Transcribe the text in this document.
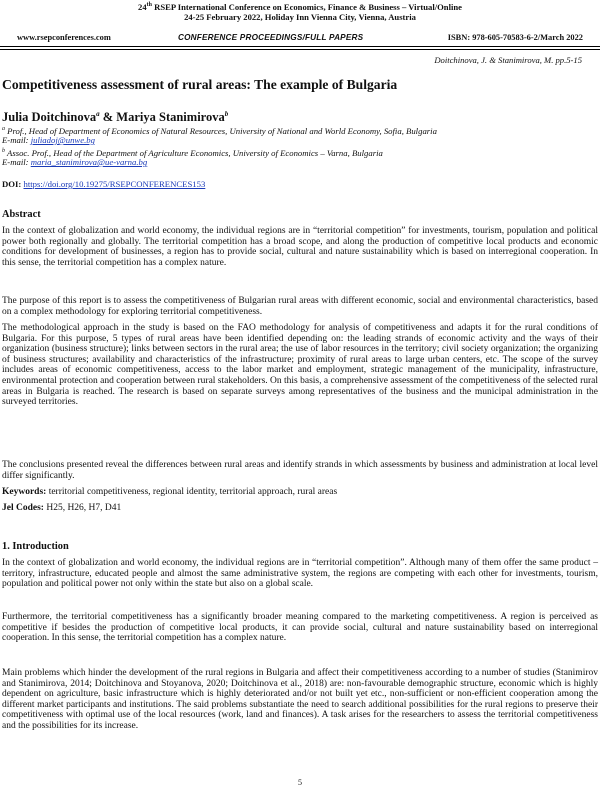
24th RSEP International Conference on Economics, Finance & Business – Virtual/Online
24-25 February 2022, Holiday Inn Vienna City, Vienna, Austria
www.rsepconferences.com	CONFERENCE PROCEEDINGS/FULL PAPERS	ISBN: 978-605-70583-6-2/March 2022
Doitchinova, J. & Stanimirova, M. pp.5-15
Competitiveness assessment of rural areas: The example of Bulgaria

Julia Doitchinova$^a$ & Mariya Stanimirova$^b$

$^a$ Prof., Head of Department of Economics of Natural Resources, University of National and World Economy, Sofia, Bulgaria
E-mail: juliadoj@unwe.bg
$^b$ Assoc. Prof., Head of the Department of Agriculture Economics, University of Economics – Varna, Bulgaria
E-mail: maria_stanimirova@ue-varna.bg
DOI: https://doi.org/10.19275/RSEPCONFERENCES153
Abstract

In the context of globalization and world economy, the individual regions are in “territorial competition” for investments, tourism, population and political power both regionally and globally. The territorial competition has a broad scope, and along the production of competitive local products and economic conditions for development of businesses, a region has to provide social, cultural and nature sustainability which is based on interregional cooperation. In this sense, the territorial competition has a complex nature.

The purpose of this report is to assess the competitiveness of Bulgarian rural areas with different economic, social and environmental characteristics, based on a complex methodology for exploring territorial competitiveness.

The methodological approach in the study is based on the FAO methodology for analysis of competitiveness and adapts it for the rural conditions of Bulgaria. For this purpose, 5 types of rural areas have been identified depending on: the leading strands of economic activity and the ways of their organization (business structure); links between sectors in the rural area; the use of labor resources in the territory; civil society organization; the organizing of business structures; availability and characteristics of the infrastructure; proximity of rural areas to large urban centers, etc. The scope of the survey includes areas of economic competitiveness, access to the labor market and employment, strategic management of the municipality, infrastructure, environmental protection and cooperation between rural stakeholders. On this basis, a comprehensive assessment of the competitiveness of the selected rural areas in Bulgaria is reached. The research is based on separate surveys among representatives of the business and the municipal administration in the surveyed territories.

The conclusions presented reveal the differences between rural areas and identify strands in which assessments by business and administration at local level differ significantly.

Keywords: territorial competitiveness, regional identity, territorial approach, rural areas
Jel Codes: H25, H26, H7, D41
1. Introduction

In the context of globalization and world economy, the individual regions are in “territorial competition”. Although many of them offer the same product – territory, infrastructure, educated people and almost the same administrative system, the regions are competing with each other for investments, tourism, population and political power not only within the state but also on a global scale.

Furthermore, the territorial competitiveness has a significantly broader meaning compared to the marketing competitiveness. A region is perceived as competitive if besides the production of competitive local products, it can provide social, cultural and nature sustainability based on interregional cooperation. In this sense, the territorial competition has a complex nature.

Main problems which hinder the development of the rural regions in Bulgaria and affect their competitiveness according to a number of studies (Stanimirov and Stanimirova, 2014; Doitchinova and Stoyanova, 2020; Doitchinova et al., 2018) are: non-favourable demographic structure, economic which is highly dependent on agriculture, basic infrastructure which is highly deteriorated and/or not built yet etc., non-sufficient or non-efficient cooperation among the different market participants and institutions. The said problems substantiate the need to search additional possibilities for the rural regions to preserve their competitiveness with optimal use of the local resources (work, land and finances). A task arises for the researchers to assess the territorial competitiveness and the possibilities for its increase.

5
